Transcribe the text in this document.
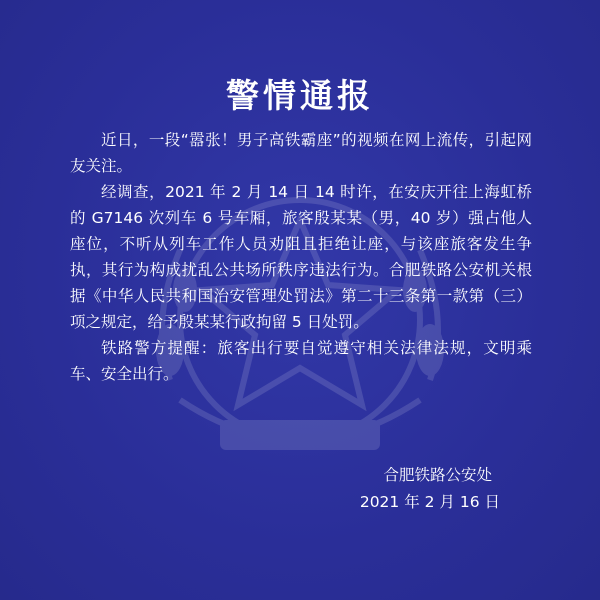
警情通报

近日，一段“嚣张！男子高铁霸座”的视频在网上流传，引起网友关注。

经调查，2021 年 2 月 14 日 14 时许，在安庆开往上海虹桥的 G7146 次列车 6 号车厢，旅客殷某某（男，40 岁）强占他人座位，不听从列车工作人员劝阻且拒绝让座，与该座旅客发生争执，其行为构成扰乱公共场所秩序违法行为。合肥铁路公安机关根据《中华人民共和国治安管理处罚法》第二十三条第一款第（三）项之规定，给予殷某某行政拘留 5 日处罚。

铁路警方提醒：旅客出行要自觉遵守相关法律法规，文明乘车、安全出行。

合肥铁路公安处
2021 年 2 月 16 日
